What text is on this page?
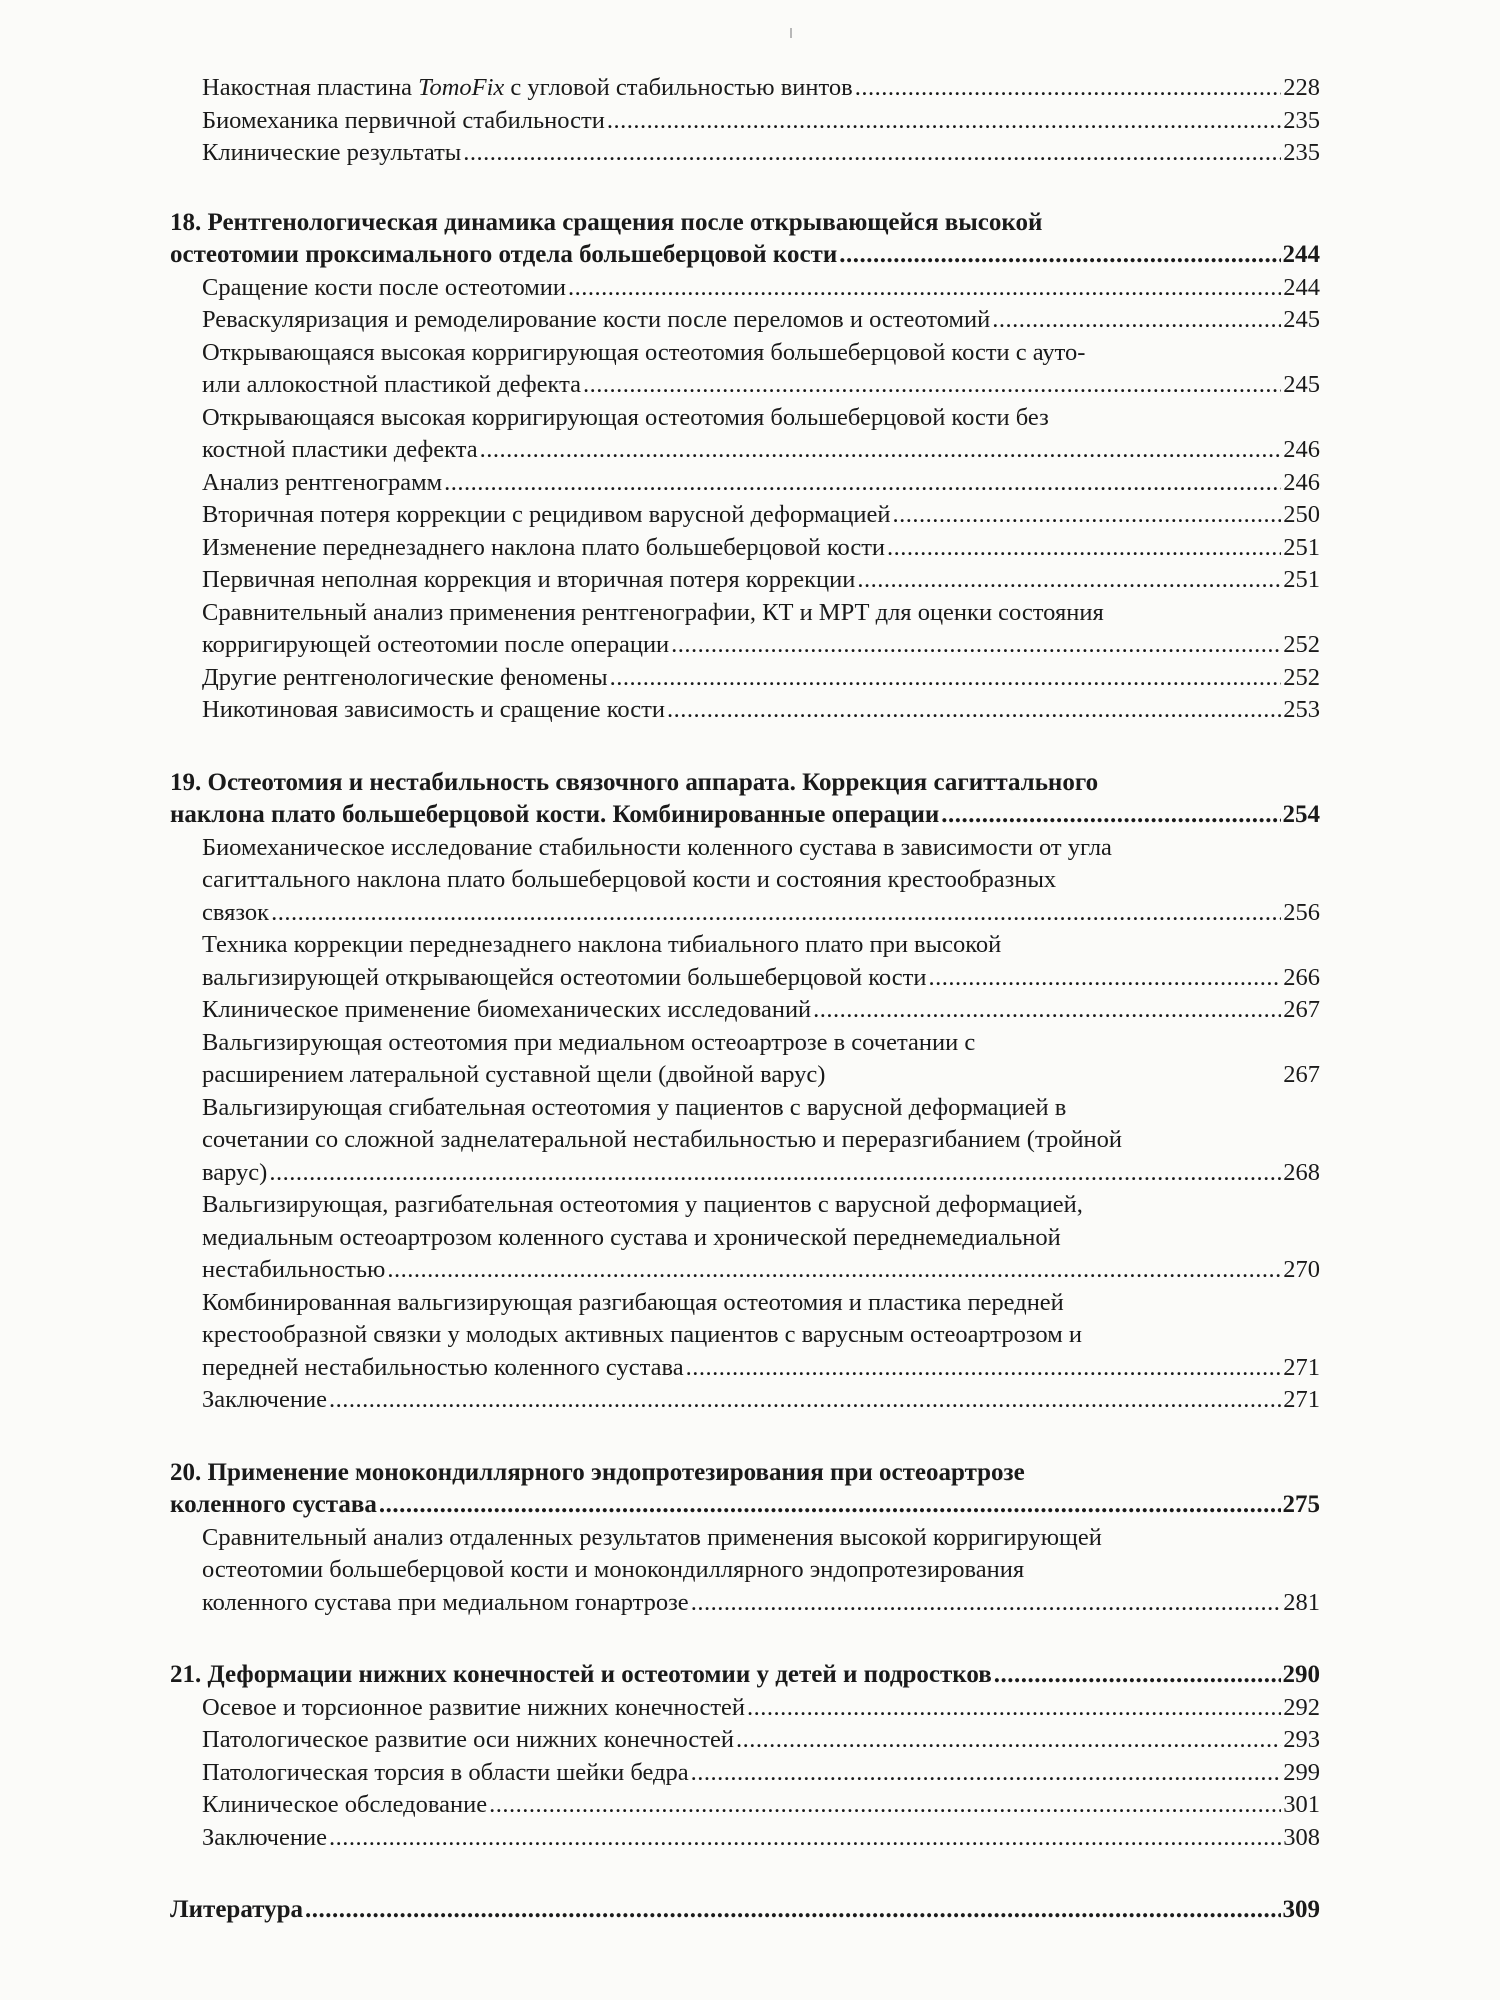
Накостная пластина TomoFix с угловой стабильностью винтов .....	228
Биомеханика первичной стабильности .....	235
Клинические результаты .....	235
18. Рентгенологическая динамика сращения после открывающейся высокой
остеотомии проксимального отдела большеберцовой кости .....	244
Сращение кости после остеотомии .....	244
Реваскуляризация и ремоделирование кости после переломов и остеотомий .....	245
Открывающаяся высокая корригирующая остеотомия большеберцовой кости с ауто-
или аллокостной пластикой дефекта .....	245
Открывающаяся высокая корригирующая остеотомия большеберцовой кости без
костной пластики дефекта .....	246
Анализ рентгенограмм .....	246
Вторичная потеря коррекции с рецидивом варусной деформацией .....	250
Изменение переднезаднего наклона плато большеберцовой кости .....	251
Первичная неполная коррекция и вторичная потеря коррекции .....	251
Сравнительный анализ применения рентгенографии, КТ и МРТ для оценки состояния
корригирующей остеотомии после операции .....	252
Другие рентгенологические феномены .....	252
Никотиновая зависимость и сращение кости .....	253
19. Остеотомия и нестабильность связочного аппарата. Коррекция сагиттального
наклона плато большеберцовой кости. Комбинированные операции .....	254
Биомеханическое исследование стабильности коленного сустава в зависимости от угла
сагиттального наклона плато большеберцовой кости и состояния крестообразных
связок .....	256
Техника коррекции переднезаднего наклона тибиального плато при высокой
вальгизирующей открывающейся остеотомии большеберцовой кости .....	266
Клиническое применение биомеханических исследований .....	267
Вальгизирующая остеотомия при медиальном остеоартрозе в сочетании с
расширением латеральной суставной щели (двойной варус)	267
Вальгизирующая сгибательная остеотомия у пациентов с варусной деформацией в
сочетании со сложной заднелатеральной нестабильностью и переразгибанием (тройной
варус) .....	268
Вальгизирующая, разгибательная остеотомия у пациентов с варусной деформацией,
медиальным остеоартрозом коленного сустава и хронической переднемедиальной
нестабильностью .....	270
Комбинированная вальгизирующая разгибающая остеотомия и пластика передней
крестообразной связки у молодых активных пациентов с варусным остеоартрозом и
передней нестабильностью коленного сустава .....	271
Заключение .....	271
20. Применение монокондиллярного эндопротезирования при остеоартрозе
коленного сустава .....	275
Сравнительный анализ отдаленных результатов применения высокой корригирующей
остеотомии большеберцовой кости и монокондиллярного эндопротезирования
коленного сустава при медиальном гонартрозе .....	281
21. Деформации нижних конечностей и остеотомии у детей и подростков .....	290
Осевое и торсионное развитие нижних конечностей .....	292
Патологическое развитие оси нижних конечностей .....	293
Патологическая торсия в области шейки бедра .....	299
Клиническое обследование .....	301
Заключение .....	308
Литература .....	309
